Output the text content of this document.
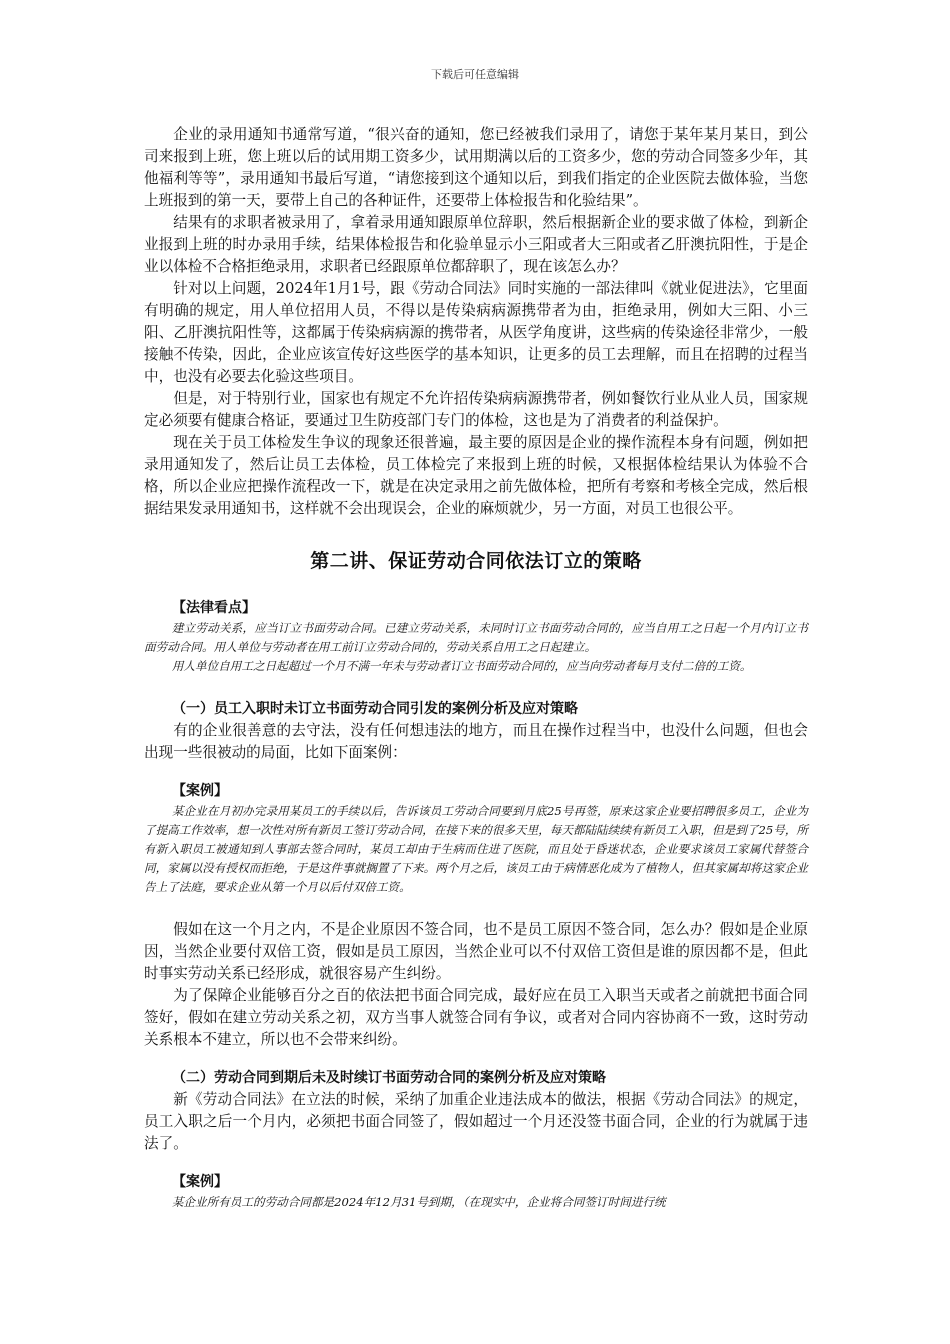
下载后可任意编辑

企业的录用通知书通常写道，“很兴奋的通知，您已经被我们录用了，请您于某年某月某日，到公司来报到上班，您上班以后的试用期工资多少，试用期满以后的工资多少，您的劳动合同签多少年，其他福利等等”，录用通知书最后写道，“请您接到这个通知以后，到我们指定的企业医院去做体验，当您上班报到的第一天，要带上自己的各种证件，还要带上体检报告和化验结果”。

结果有的求职者被录用了，拿着录用通知跟原单位辞职，然后根据新企业的要求做了体检，到新企业报到上班的时办录用手续，结果体检报告和化验单显示小三阳或者大三阳或者乙肝澳抗阳性，于是企业以体检不合格拒绝录用，求职者已经跟原单位都辞职了，现在该怎么办？

针对以上问题，2024年1月1号，跟《劳动合同法》同时实施的一部法律叫《就业促进法》，它里面有明确的规定，用人单位招用人员，不得以是传染病病源携带者为由，拒绝录用，例如大三阳、小三阳、乙肝澳抗阳性等，这都属于传染病病源的携带者，从医学角度讲，这些病的传染途径非常少，一般接触不传染，因此，企业应该宣传好这些医学的基本知识，让更多的员工去理解，而且在招聘的过程当中，也没有必要去化验这些项目。

但是，对于特别行业，国家也有规定不允许招传染病病源携带者，例如餐饮行业从业人员，国家规定必须要有健康合格证，要通过卫生防疫部门专门的体检，这也是为了消费者的利益保护。

现在关于员工体检发生争议的现象还很普遍，最主要的原因是企业的操作流程本身有问题，例如把录用通知发了，然后让员工去体检，员工体检完了来报到上班的时候，又根据体检结果认为体验不合格，所以企业应把操作流程改一下，就是在决定录用之前先做体检，把所有考察和考核全完成，然后根据结果发录用通知书，这样就不会出现误会，企业的麻烦就少，另一方面，对员工也很公平。

第二讲、保证劳动合同依法订立的策略
【法律看点】

建立劳动关系，应当订立书面劳动合同。已建立劳动关系，未同时订立书面劳动合同的，应当自用工之日起一个月内订立书面劳动合同。用人单位与劳动者在用工前订立劳动合同的，劳动关系自用工之日起建立。

用人单位自用工之日起超过一个月不满一年未与劳动者订立书面劳动合同的，应当向劳动者每月支付二倍的工资。

（一）员工入职时未订立书面劳动合同引发的案例分析及应对策略

有的企业很善意的去守法，没有任何想违法的地方，而且在操作过程当中，也没什么问题，但也会出现一些很被动的局面，比如下面案例：

【案例】

某企业在月初办完录用某员工的手续以后，告诉该员工劳动合同要到月底25号再签，原来这家企业要招聘很多员工，企业为了提高工作效率，想一次性对所有新员工签订劳动合同，在接下来的很多天里，每天都陆陆续续有新员工入职，但是到了25号，所有新入职员工被通知到人事部去签合同时，某员工却由于生病而住进了医院，而且处于昏迷状态，企业要求该员工家属代替签合同，家属以没有授权而拒绝，于是这件事就搁置了下来。两个月之后，该员工由于病情恶化成为了植物人，但其家属却将这家企业告上了法庭，要求企业从第一个月以后付双倍工资。

假如在这一个月之内，不是企业原因不签合同，也不是员工原因不签合同，怎么办？假如是企业原因，当然企业要付双倍工资，假如是员工原因，当然企业可以不付双倍工资但是谁的原因都不是，但此时事实劳动关系已经形成，就很容易产生纠纷。

为了保障企业能够百分之百的依法把书面合同完成，最好应在员工入职当天或者之前就把书面合同签好，假如在建立劳动关系之初，双方当事人就签合同有争议，或者对合同内容协商不一致，这时劳动关系根本不建立，所以也不会带来纠纷。

（二）劳动合同到期后未及时续订书面劳动合同的案例分析及应对策略

新《劳动合同法》在立法的时候，采纳了加重企业违法成本的做法，根据《劳动合同法》的规定，员工入职之后一个月内，必须把书面合同签了，假如超过一个月还没签书面合同，企业的行为就属于违法了。

【案例】

某企业所有员工的劳动合同都是2024年12月31号到期，（在现实中，企业将合同签订时间进行统
